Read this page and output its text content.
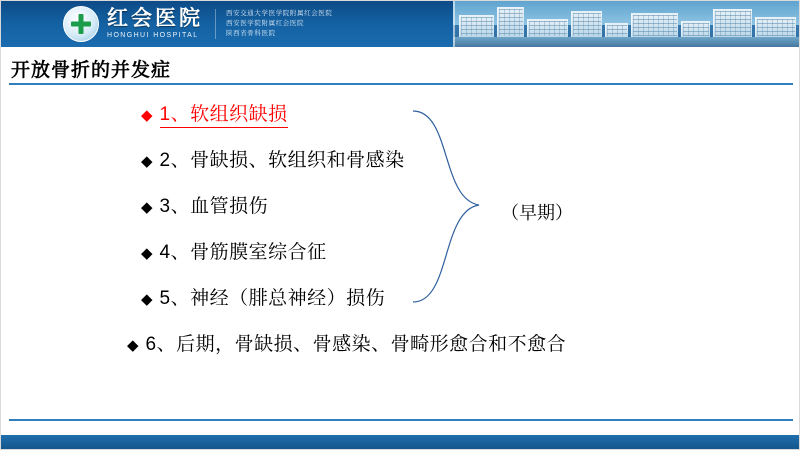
红会医院
HONGHUI HOSPITAL
西安交通大学医学院附属红会医院
西安医学院附属红会医院
陕西省骨科医院
开放骨折的并发症
◆ 1、软组织缺损
◆ 2、骨缺损、软组织和骨感染
◆ 3、血管损伤
◆ 4、骨筋膜室综合征
◆ 5、神经（腓总神经）损伤
◆ 6、后期，骨缺损、骨感染、骨畸形愈合和不愈合
（早期）
